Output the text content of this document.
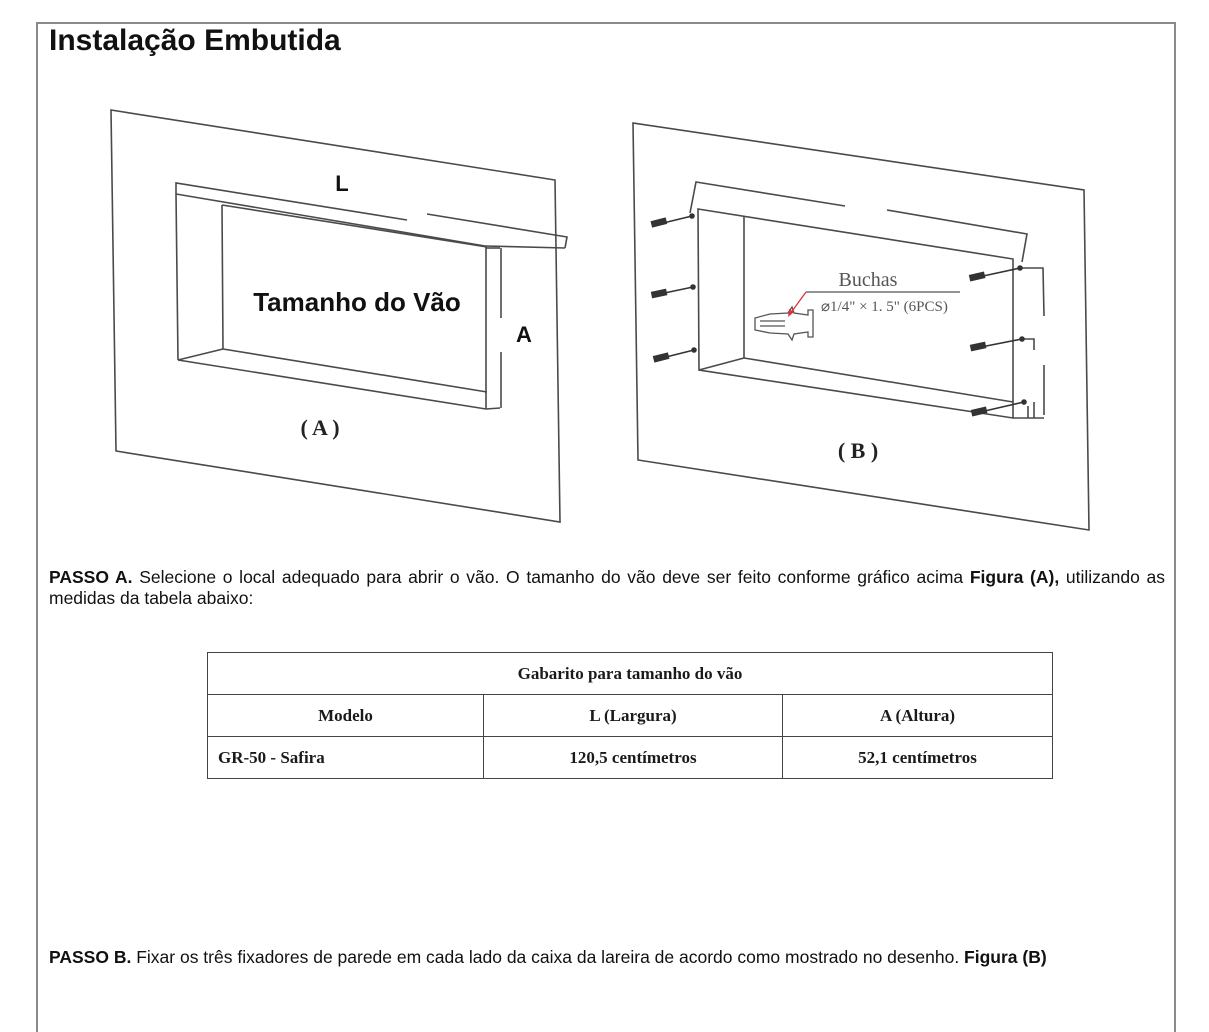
Instalação Embutida
L
Tamanho do Vão
A
( A )
Buchas
⌀1/4" × 1. 5" (6PCS)
( B )
PASSO A. Selecione o local adequado para abrir o vão. O tamanho do vão deve ser feito conforme gráfico acima Figura (A), utilizando as medidas da tabela abaixo:
Gabarito para tamanho do vão		
Modelo	L (Largura)	A (Altura)
GR-50 - Safira	120,5 centímetros	52,1 centímetros
PASSO B. Fixar os três fixadores de parede em cada lado da caixa da lareira de acordo como mostrado no desenho. Figura (B)
